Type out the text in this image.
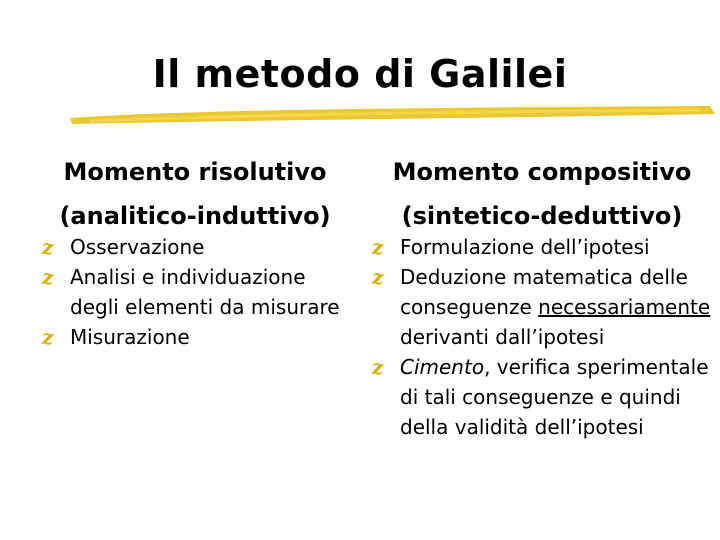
Il metodo di Galilei
Momento risolutivo
(analitico-induttivo)
Momento compositivo
(sintetico-deduttivo)
z Osservazione
z Analisi e individuazione degli elementi da misurare
z Misurazione
z Formulazione dell’ipotesi
z Deduzione matematica delle conseguenze necessariamente derivanti dall’ipotesi
z Cimento, verifica sperimentale di tali conseguenze e quindi della validità dell’ipotesi
